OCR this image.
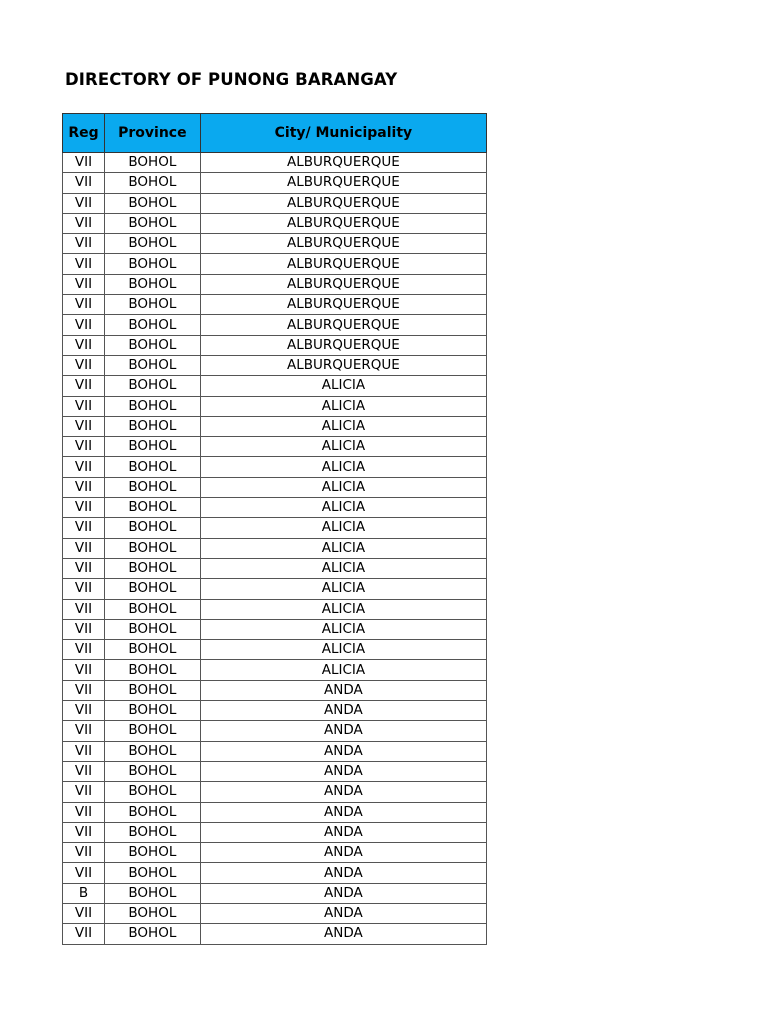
DIRECTORY OF PUNONG BARANGAY
Reg	Province	City/ Municipality
VII	BOHOL	ALBURQUERQUE
VII	BOHOL	ALBURQUERQUE
VII	BOHOL	ALBURQUERQUE
VII	BOHOL	ALBURQUERQUE
VII	BOHOL	ALBURQUERQUE
VII	BOHOL	ALBURQUERQUE
VII	BOHOL	ALBURQUERQUE
VII	BOHOL	ALBURQUERQUE
VII	BOHOL	ALBURQUERQUE
VII	BOHOL	ALBURQUERQUE
VII	BOHOL	ALBURQUERQUE
VII	BOHOL	ALICIA
VII	BOHOL	ALICIA
VII	BOHOL	ALICIA
VII	BOHOL	ALICIA
VII	BOHOL	ALICIA
VII	BOHOL	ALICIA
VII	BOHOL	ALICIA
VII	BOHOL	ALICIA
VII	BOHOL	ALICIA
VII	BOHOL	ALICIA
VII	BOHOL	ALICIA
VII	BOHOL	ALICIA
VII	BOHOL	ALICIA
VII	BOHOL	ALICIA
VII	BOHOL	ALICIA
VII	BOHOL	ANDA
VII	BOHOL	ANDA
VII	BOHOL	ANDA
VII	BOHOL	ANDA
VII	BOHOL	ANDA
VII	BOHOL	ANDA
VII	BOHOL	ANDA
VII	BOHOL	ANDA
VII	BOHOL	ANDA
VII	BOHOL	ANDA
B	BOHOL	ANDA
VII	BOHOL	ANDA
VII	BOHOL	ANDA
